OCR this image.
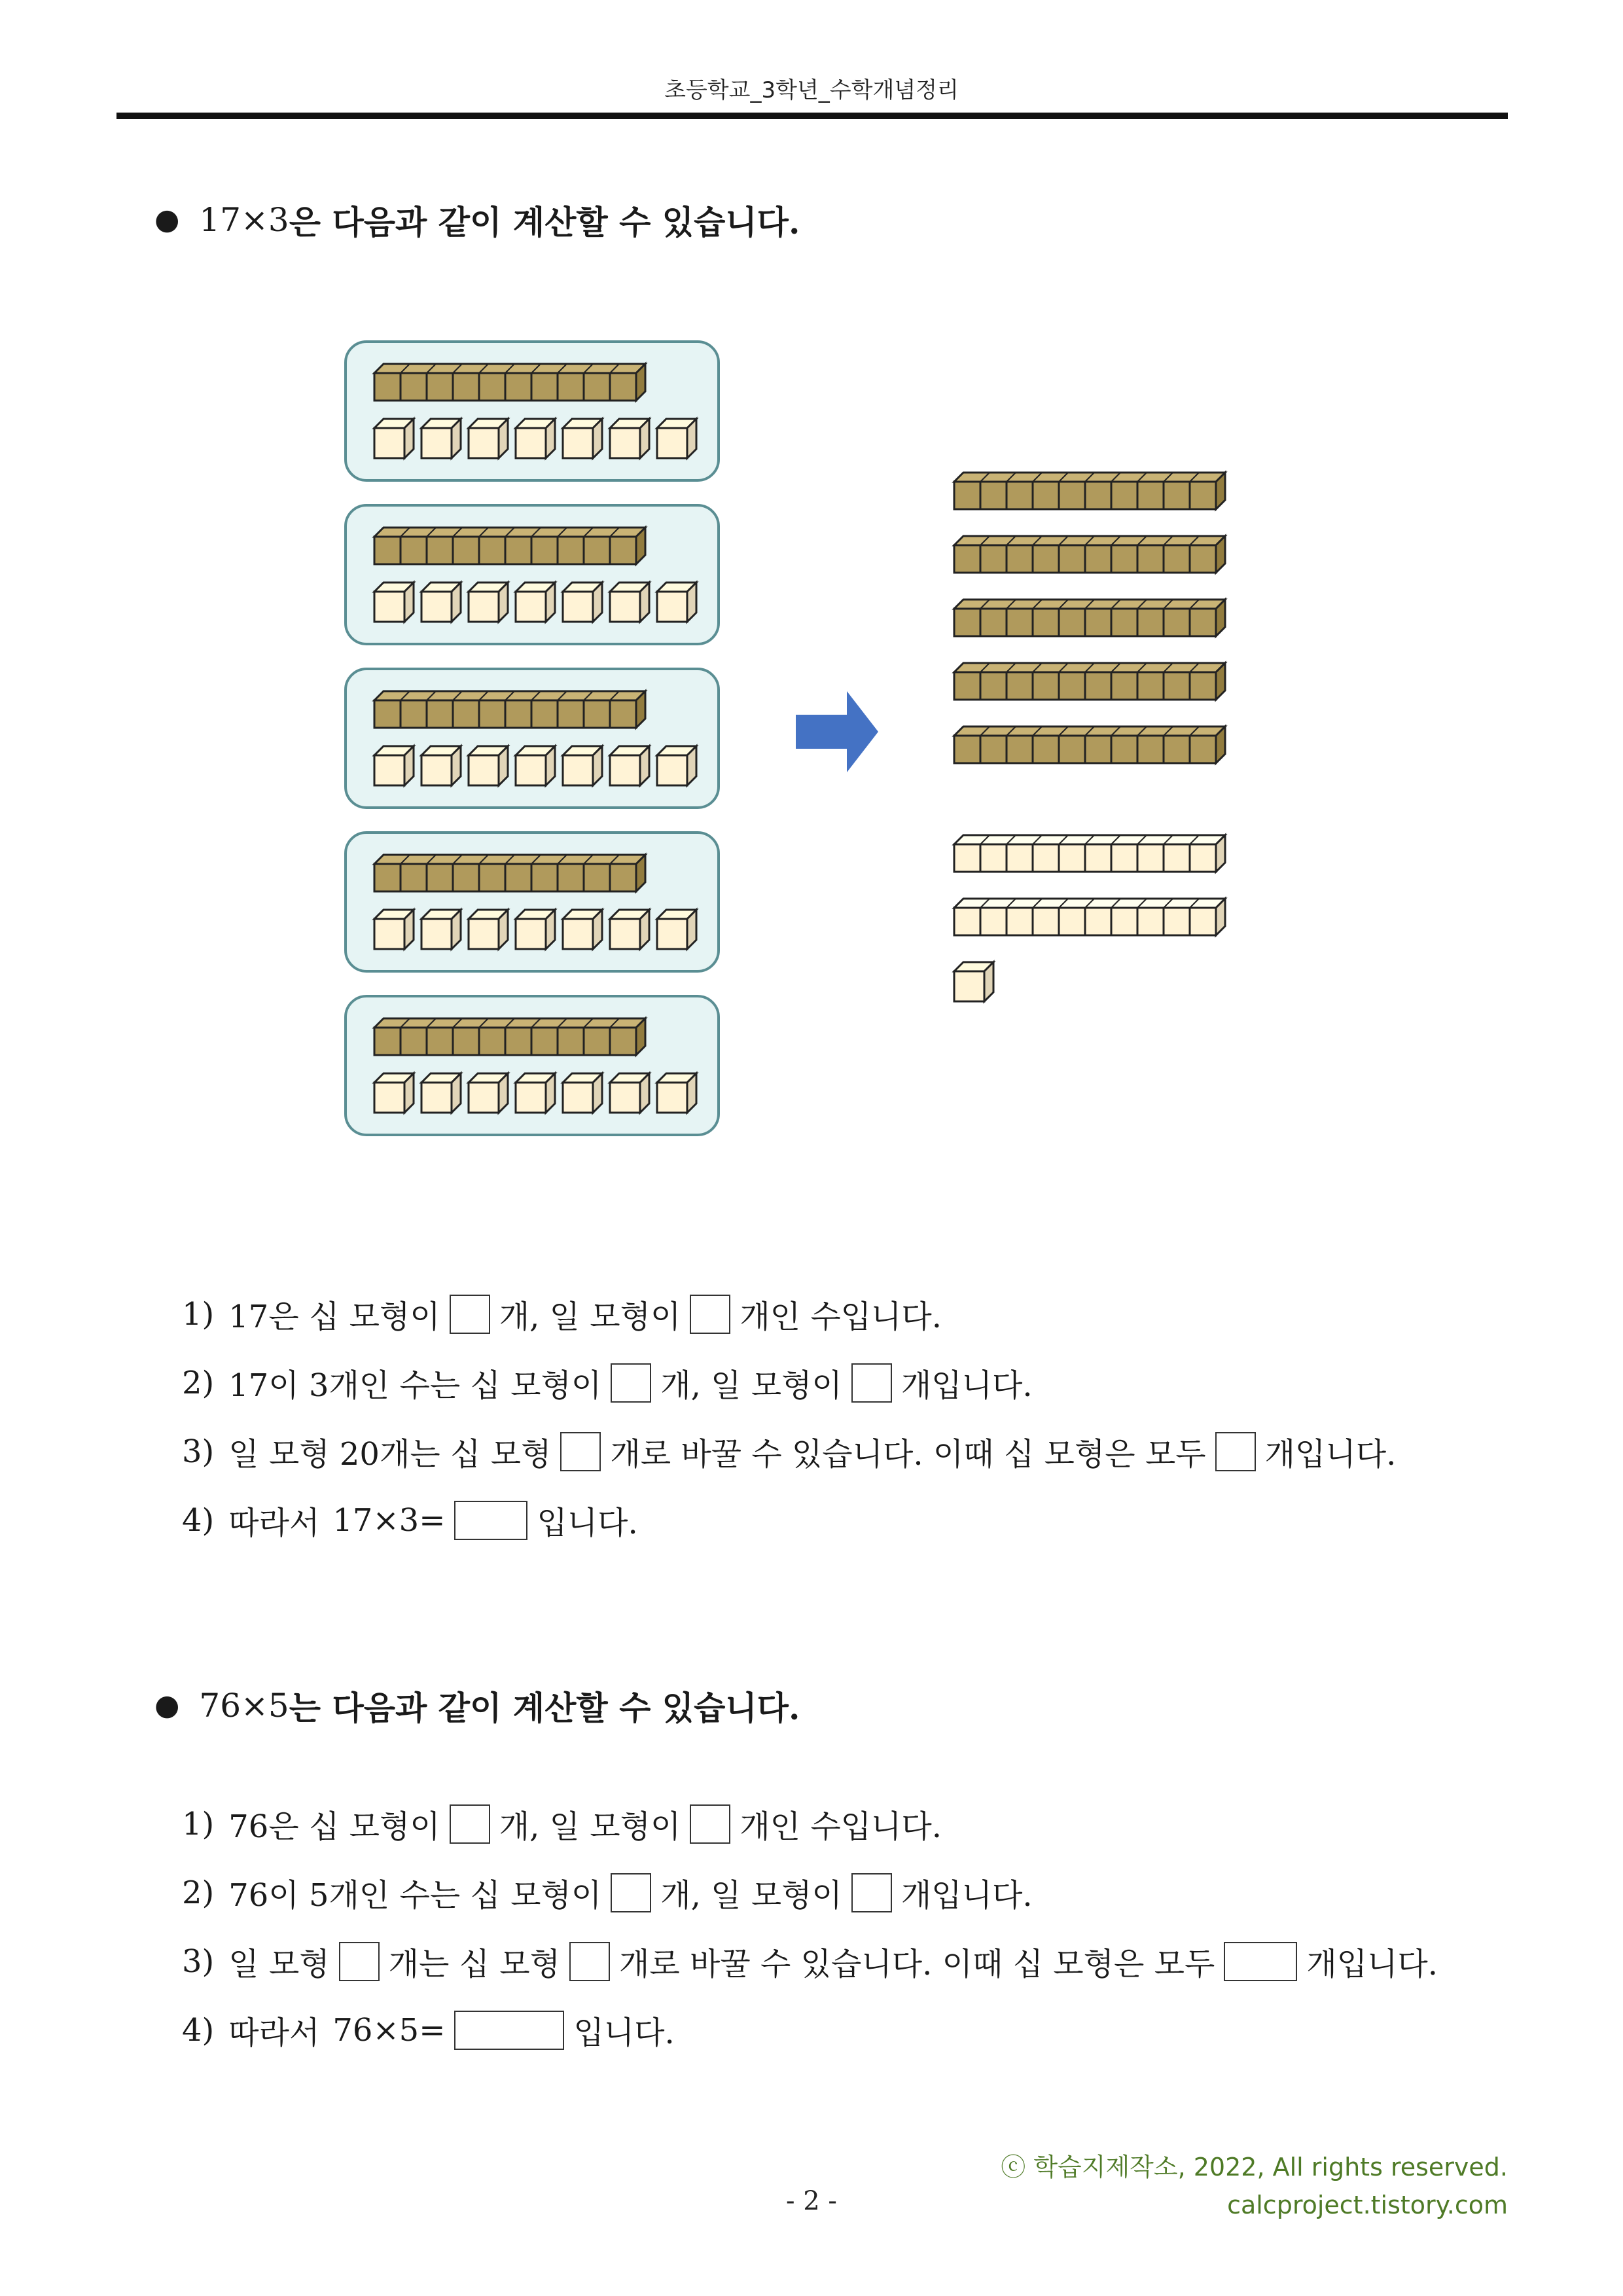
초등학교_3학년_수학개념정리
● 17×3 은 다음과 같이 계산할 수 있습니다.
1) 17은 십 모형이 개, 일 모형이 개인 수입니다.
2) 17이 3개인 수는 십 모형이 개, 일 모형이 개입니다.
3) 일 모형 20개는 십 모형 개로 바꿀 수 있습니다. 이때 십 모형은 모두 개입니다.
4) 따라서 17×3=	입니다.
● 76×5 는 다음과 같이 계산할 수 있습니다.
1) 76은 십 모형이 개, 일 모형이 개인 수입니다.
2) 76이 5개인 수는 십 모형이 개, 일 모형이 개입니다.
3) 일 모형 개는 십 모형 개로 바꿀 수 있습니다. 이때 십 모형은 모두	개입니다.
4) 따라서 76×5=	입니다.
ⓒ 학습지제작소, 2022, All rights reserved.
calcproject.tistory.com
- 2 -
